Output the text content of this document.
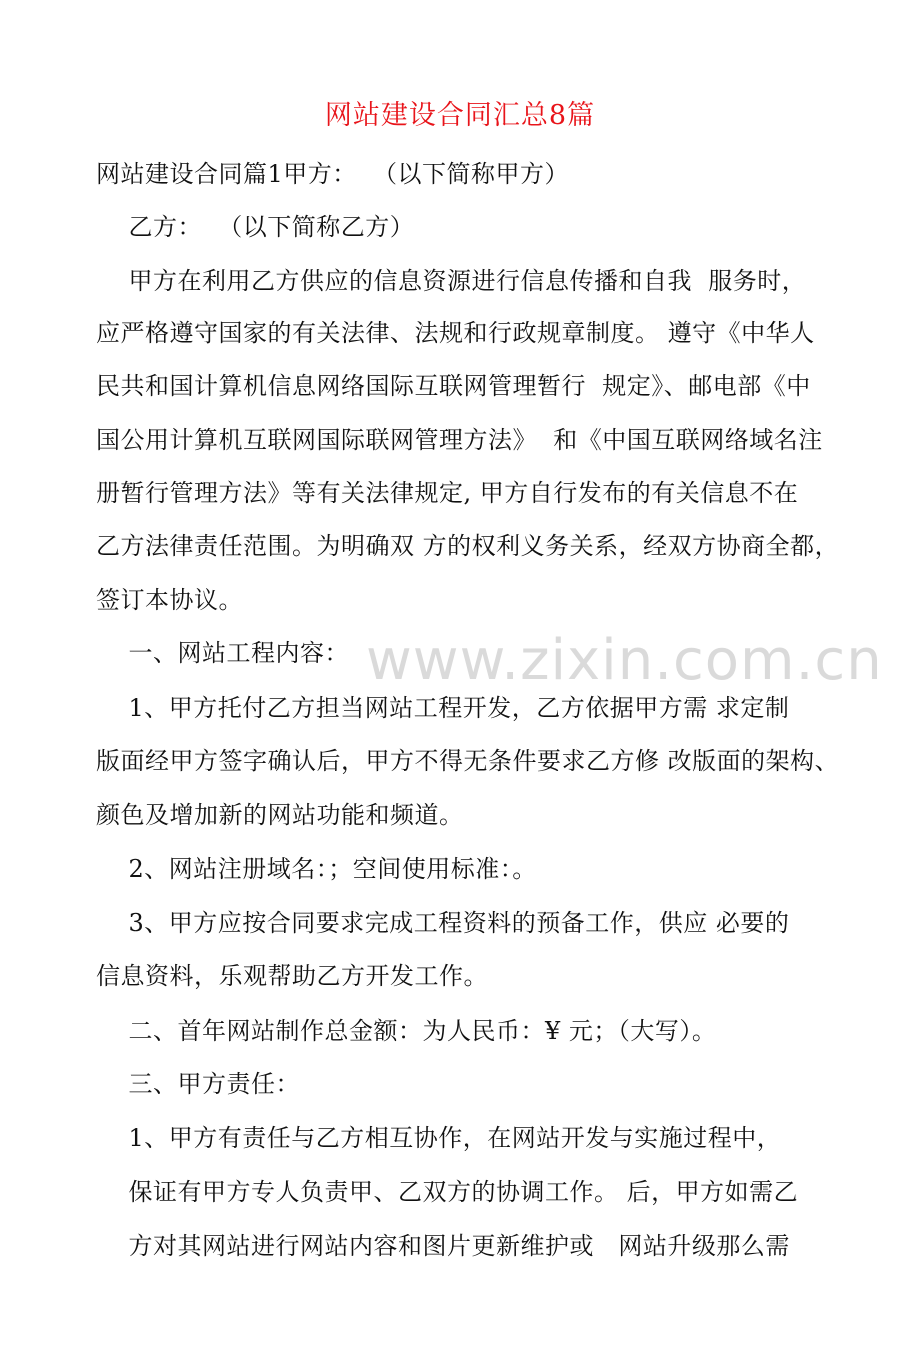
网站建设合同汇总8篇
网站建设合同篇1甲方：  （以下简称甲方）
乙方：  （以下简称乙方）
甲方在利用乙方供应的信息资源进行信息传播和自我  服务时，
应严格遵守国家的有关法律、法规和行政规章制度。 遵守《中华人
民共和国计算机信息网络国际互联网管理暂行  规定》、邮电部《中
国公用计算机互联网国际联网管理方法》  和《中国互联网络域名注
册暂行管理方法》等有关法律规定, 甲方自行发布的有关信息不在
乙方法律责任范围。为明确双 方的权利义务关系，经双方协商全都，
签订本协议。
一、网站工程内容：
1、甲方托付乙方担当网站工程开发，乙方依据甲方需 求定制
版面经甲方签字确认后，甲方不得无条件要求乙方修 改版面的架构、
颜色及增加新的网站功能和频道。
2、网站注册域名：；空间使用标准：。
3、甲方应按合同要求完成工程资料的预备工作，供应 必要的
信息资料，乐观帮助乙方开发工作。
二、首年网站制作总金额：为人民币：¥ 元；（大写）。
三、甲方责任：
1、甲方有责任与乙方相互协作，在网站开发与实施过程中，
保证有甲方专人负责甲、乙双方的协调工作。 后，甲方如需乙
方对其网站进行网站内容和图片更新维护或   网站升级那么需
www.zixin.com.cn
